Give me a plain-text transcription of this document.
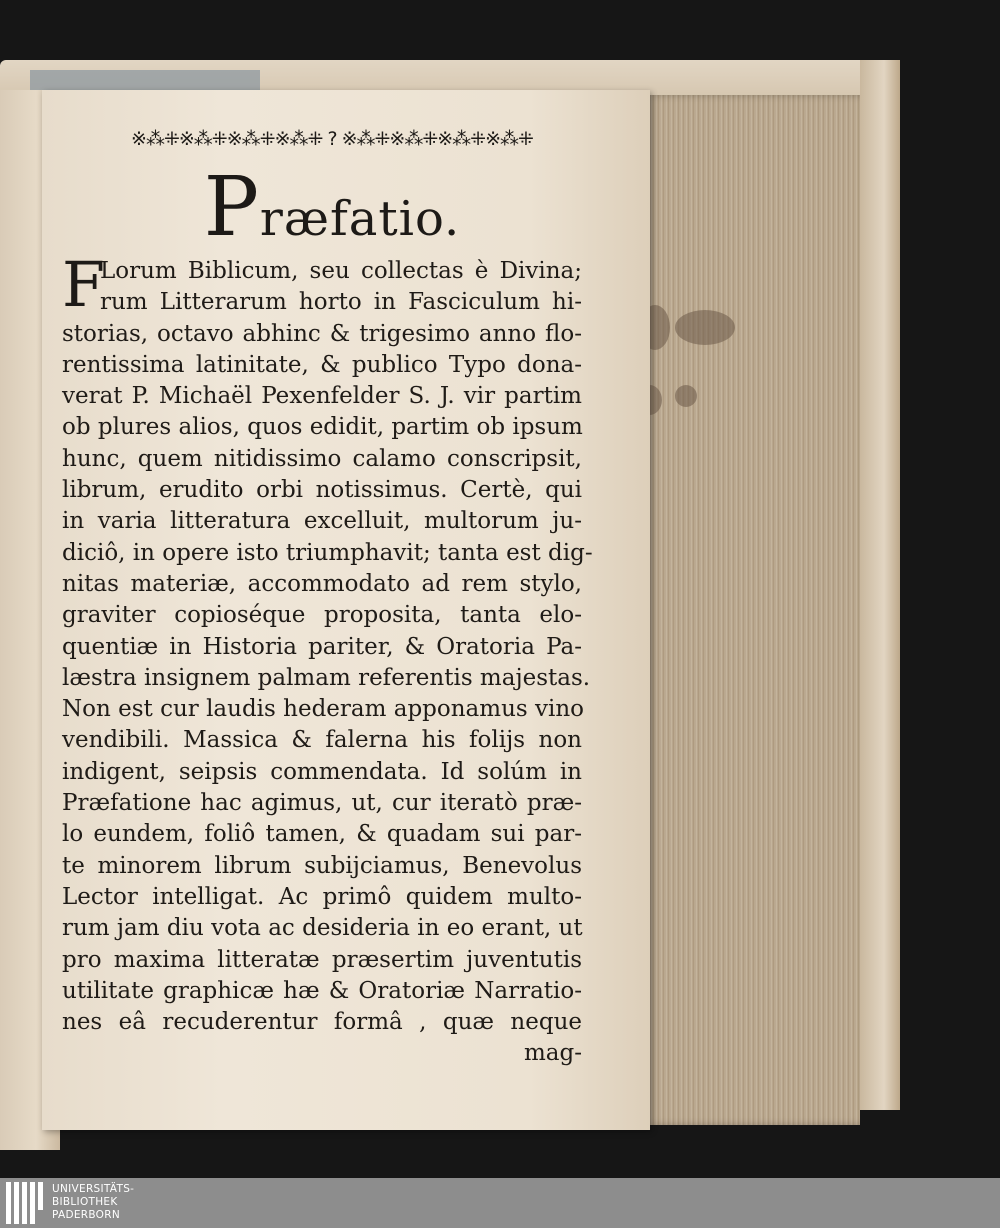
※⁂⁜※⁂⁜※⁂⁜※⁂⁜ ? ※⁂⁜※⁂⁜※⁂⁜※⁂⁜
Præfatio.
F
Lorum Biblicum, seu collectas è Divina;
rum Litterarum horto in Fasciculum hi-
storias, octavo abhinc & trigesimo anno flo-
rentissima latinitate, & publico Typo dona-
verat P. Michaël Pexenfelder S. J. vir partim
ob plures alios, quos edidit, partim ob ipsum
hunc, quem nitidissimo calamo conscripsit,
librum, erudito orbi notissimus. Certè, qui
in varia litteratura excelluit, multorum ju-
diciô, in opere isto triumphavit; tanta est dig-
nitas materiæ, accommodato ad rem stylo,
graviter copioséque proposita, tanta elo-
quentiæ in Historia pariter, & Oratoria Pa-
læstra insignem palmam referentis majestas.
Non est cur laudis hederam apponamus vino
vendibili. Massica & falerna his folijs non
indigent, seipsis commendata. Id solúm in
Præfatione hac agimus, ut, cur iteratò præ-
lo eundem, foliô tamen, & quadam sui par-
te minorem librum subijciamus, Benevolus
Lector intelligat. Ac primô quidem multo-
rum jam diu vota ac desideria in eo erant, ut
pro maxima litteratæ præsertim juventutis
utilitate graphicæ hæ & Oratoriæ Narratio-
nes eâ recuderentur formâ , quæ neque
mag-
UNIVERSITÄTS-
BIBLIOTHEK
PADERBORN
